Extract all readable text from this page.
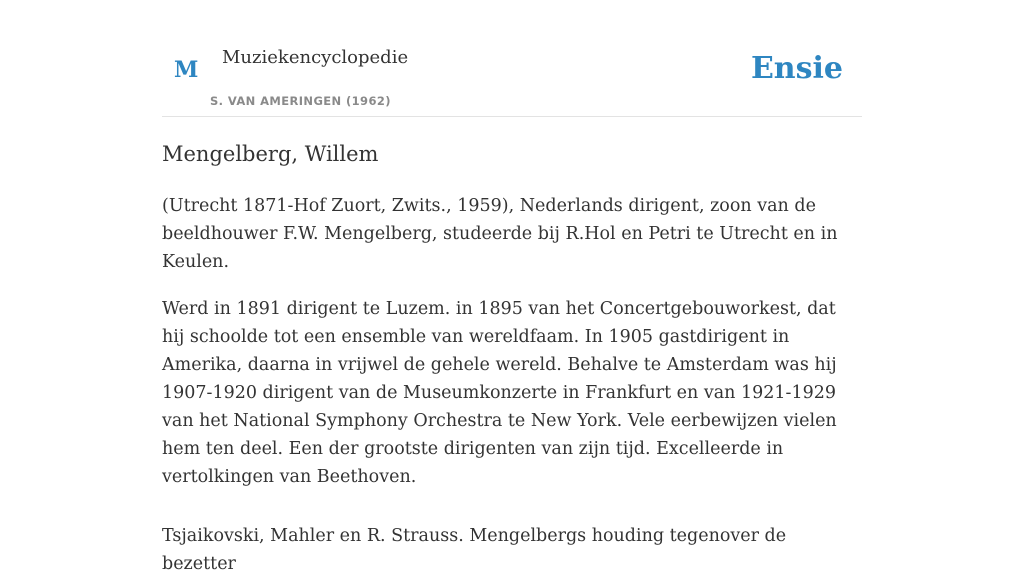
M Muziekencyclopedie
S. VAN AMERINGEN (1962)
Ensie
Mengelberg, Willem

(Utrecht 1871-Hof Zuort, Zwits., 1959), Nederlands dirigent, zoon van de beeldhouwer F.W. Mengelberg, studeerde bij R.Hol en Petri te Utrecht en in Keulen.

Werd in 1891 dirigent te Luzem. in 1895 van het Concertgebouworkest, dat hij schoolde tot een ensemble van wereldfaam. In 1905 gastdirigent in Amerika, daarna in vrijwel de gehele wereld. Behalve te Amsterdam was hij 1907-1920 dirigent van de Museumkonzerte in Frankfurt en van 1921-1929 van het National Symphony Orchestra te New York. Vele eerbewijzen vielen hem ten deel. Een der grootste dirigenten van zijn tijd. Excelleerde in vertolkingen van Beethoven.

Tsjaikovski, Mahler en R. Strauss. Mengelbergs houding tegenover de bezetter
